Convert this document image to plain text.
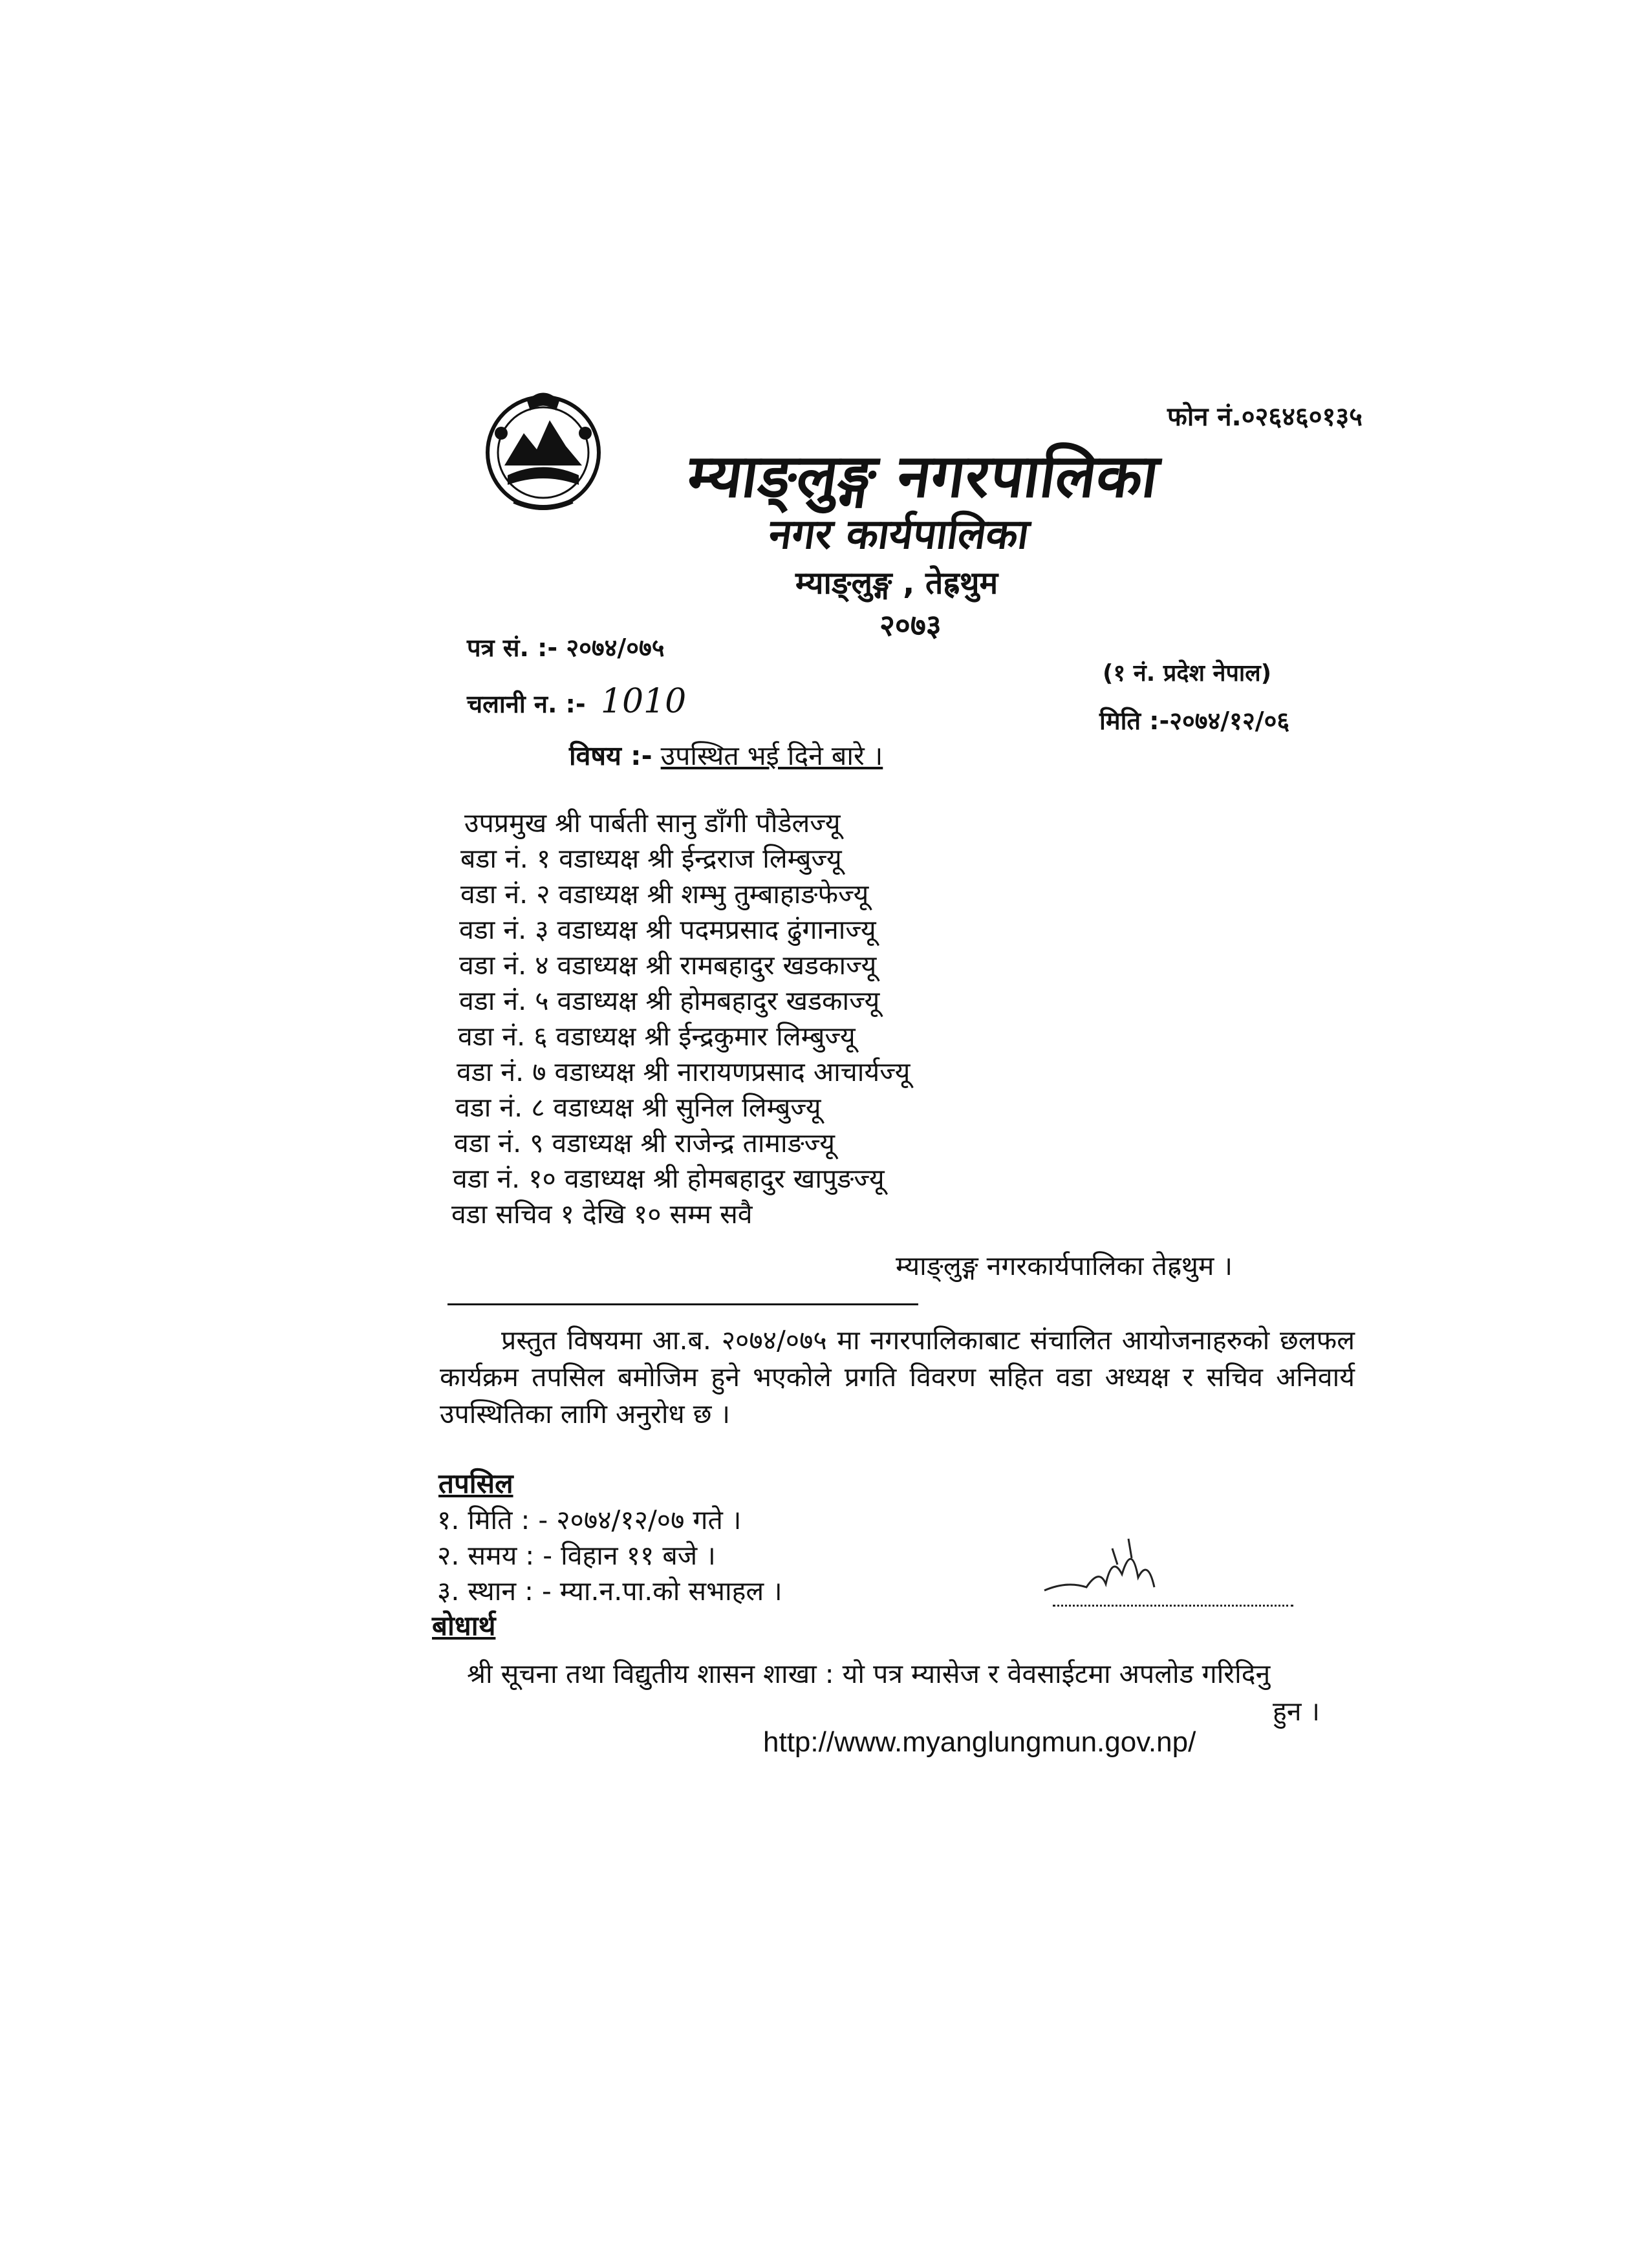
फोन नं.०२६४६०१३५
म्याङ्लुङ्ग नगरपालिका
नगर कार्यपालिका
म्याङ्लुङ्ग , तेह्रथुम
२०७३
पत्र सं. :- २०७४/०७५
(१ नं. प्रदेश नेपाल)
चलानी न. :- 1010	मिति :-२०७४/१२/०६
विषय :- उपस्थित भई दिने बारे ।
उपप्रमुख श्री पार्बती सानु डाँगी पौडेलज्यू
बडा नं. १ वडाध्यक्ष श्री ईन्द्रराज लिम्बुज्यू
वडा नं. २ वडाध्यक्ष श्री शम्भु तुम्बाहाङफेज्यू
वडा नं. ३ वडाध्यक्ष श्री पदमप्रसाद ढुंगानाज्यू
वडा नं. ४ वडाध्यक्ष श्री रामबहादुर खडकाज्यू
वडा नं. ५ वडाध्यक्ष श्री होमबहादुर खडकाज्यू
वडा नं. ६ वडाध्यक्ष श्री ईन्द्रकुमार लिम्बुज्यू
वडा नं. ७ वडाध्यक्ष श्री नारायणप्रसाद आचार्यज्यू
वडा नं. ८ वडाध्यक्ष श्री सुनिल लिम्बुज्यू
वडा नं. ९ वडाध्यक्ष श्री राजेन्द्र तामाङज्यू
वडा नं. १० वडाध्यक्ष श्री होमबहादुर खापुङज्यू
वडा सचिव १ देखि १० सम्म सवै
म्याङ्लुङ्ग नगरकार्यपालिका तेह्रथुम ।
प्रस्तुत विषयमा आ.ब. २०७४/०७५ मा नगरपालिकाबाट संचालित आयोजनाहरुको छलफल कार्यक्रम तपसिल बमोजिम हुने भएकोले प्रगति विवरण सहित वडा अध्यक्ष र सचिव अनिवार्य उपस्थितिका लागि अनुरोध छ ।
तपसिल
१. मिति : - २०७४/१२/०७ गते ।
२. समय : - विहान ११ बजे ।
३. स्थान : - म्या.न.पा.को सभाहल ।
बोधार्थ
श्री सूचना तथा विद्युतीय शासन शाखा : यो पत्र म्यासेज र वेवसाईटमा अपलोड गरिदिनु
हुन ।
http://www.myanglungmun.gov.np/
